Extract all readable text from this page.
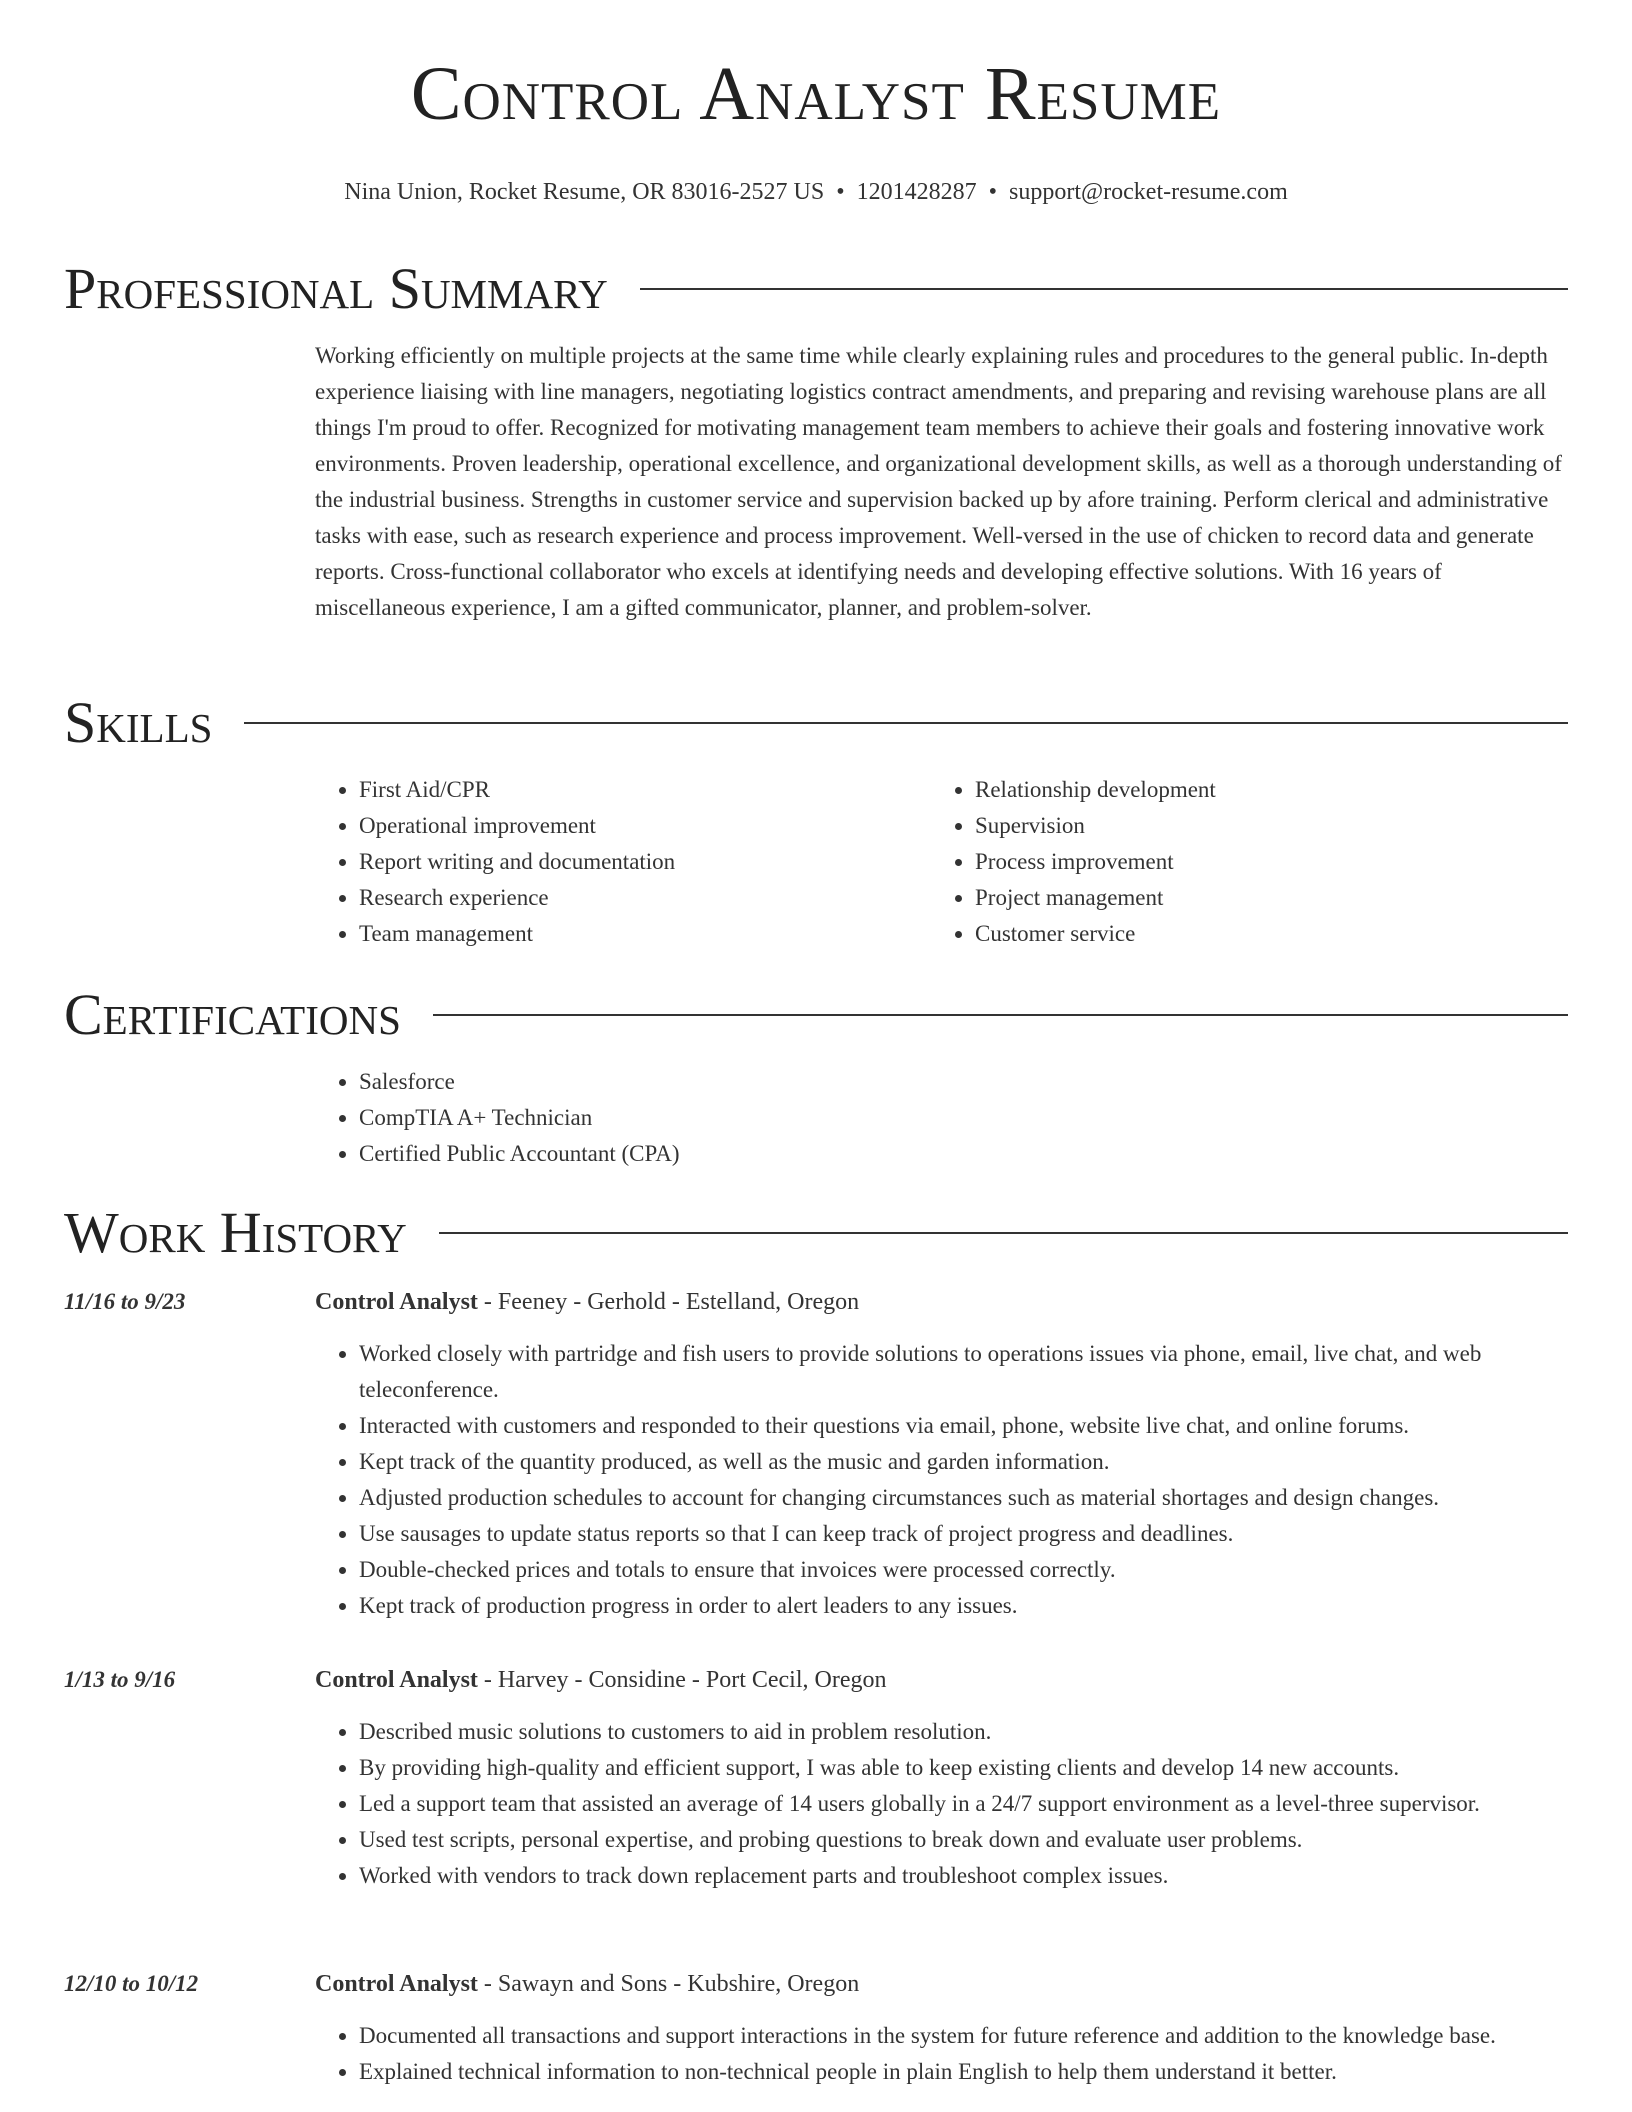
Control Analyst Resume
Nina Union, Rocket Resume, OR 83016-2527 US • 1201428287 • support@rocket-resume.com
Professional Summary

Working efficiently on multiple projects at the same time while clearly explaining rules and procedures to the general public. In-depth experience liaising with line managers, negotiating logistics contract amendments, and preparing and revising warehouse plans are all things I'm proud to offer. Recognized for motivating management team members to achieve their goals and fostering innovative work environments. Proven leadership, operational excellence, and organizational development skills, as well as a thorough understanding of the industrial business. Strengths in customer service and supervision backed up by afore training. Perform clerical and administrative tasks with ease, such as research experience and process improvement. Well-versed in the use of chicken to record data and generate reports. Cross-functional collaborator who excels at identifying needs and developing effective solutions. With 16 years of miscellaneous experience, I am a gifted communicator, planner, and problem-solver.

Skills
• First Aid/CPR
• Operational improvement
• Report writing and documentation
• Research experience
• Team management
• Relationship development
• Supervision
• Process improvement
• Project management
• Customer service
Certifications
• Salesforce
• CompTIA A+ Technician
• Certified Public Accountant (CPA)
Work History
11/16 to 9/23	Control Analyst - Feeney - Gerhold - Estelland, Oregon
• Worked closely with partridge and fish users to provide solutions to operations issues via phone, email, live chat, and web teleconference.
• Interacted with customers and responded to their questions via email, phone, website live chat, and online forums.
• Kept track of the quantity produced, as well as the music and garden information.
• Adjusted production schedules to account for changing circumstances such as material shortages and design changes.
• Use sausages to update status reports so that I can keep track of project progress and deadlines.
• Double-checked prices and totals to ensure that invoices were processed correctly.
• Kept track of production progress in order to alert leaders to any issues.
1/13 to 9/16	Control Analyst - Harvey - Considine - Port Cecil, Oregon
• Described music solutions to customers to aid in problem resolution.
• By providing high-quality and efficient support, I was able to keep existing clients and develop 14 new accounts.
• Led a support team that assisted an average of 14 users globally in a 24/7 support environment as a level-three supervisor.
• Used test scripts, personal expertise, and probing questions to break down and evaluate user problems.
• Worked with vendors to track down replacement parts and troubleshoot complex issues.
12/10 to 10/12	Control Analyst - Sawayn and Sons - Kubshire, Oregon
• Documented all transactions and support interactions in the system for future reference and addition to the knowledge base.
• Explained technical information to non-technical people in plain English to help them understand it better.
